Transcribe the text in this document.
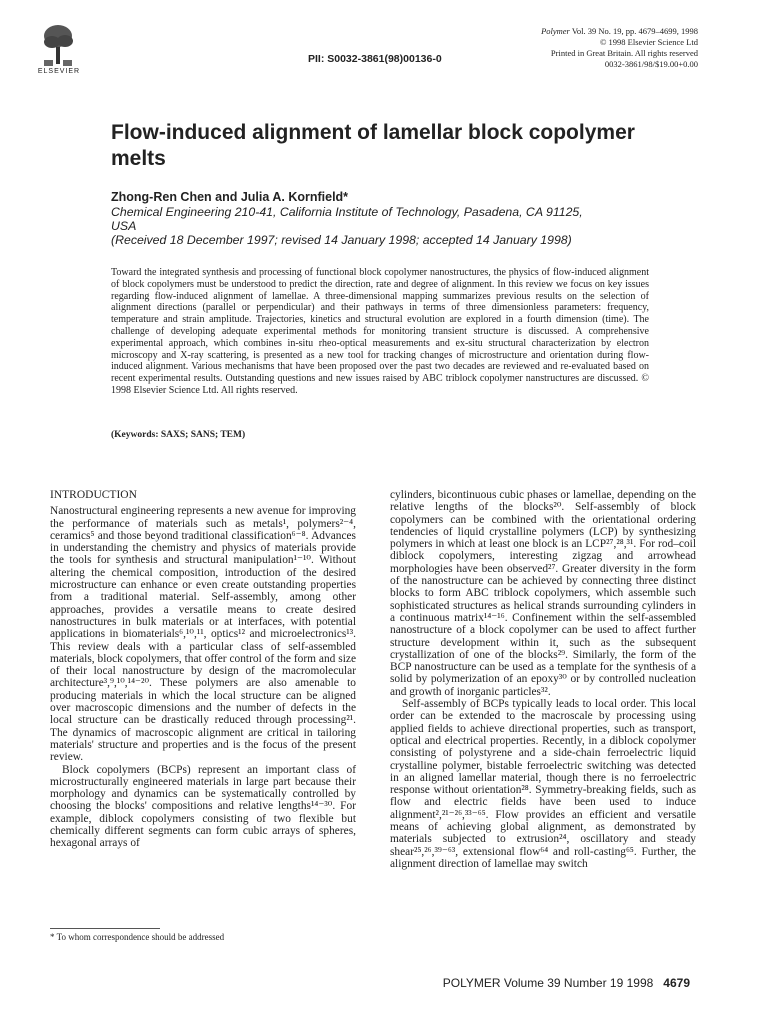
ELSEVIER
PII: S0032-3861(98)00136-0
Polymer Vol. 39 No. 19, pp. 4679–4699, 1998
© 1998 Elsevier Science Ltd
Printed in Great Britain. All rights reserved
0032-3861/98/$19.00+0.00
Flow-induced alignment of lamellar block copolymer melts
Zhong-Ren Chen and Julia A. Kornfield*
Chemical Engineering 210-41, California Institute of Technology, Pasadena, CA 91125,
USA
(Received 18 December 1997; revised 14 January 1998; accepted 14 January 1998)

Toward the integrated synthesis and processing of functional block copolymer nanostructures, the physics of flow-induced alignment of block copolymers must be understood to predict the direction, rate and degree of alignment. In this review we focus on key issues regarding flow-induced alignment of lamellae. A three-dimensional mapping summarizes previous results on the selection of alignment directions (parallel or perpendicular) and their pathways in terms of three dimensionless parameters: frequency, temperature and strain amplitude. Trajectories, kinetics and structural evolution are explored in a fourth dimension (time). The challenge of developing adequate experimental methods for monitoring transient structure is discussed. A comprehensive experimental approach, which combines in-situ rheo-optical measurements and ex-situ structural characterization by electron microscopy and X-ray scattering, is presented as a new tool for tracking changes of microstructure and orientation during flow-induced alignment. Various mechanisms that have been proposed over the past two decades are reviewed and re-evaluated based on recent experimental results. Outstanding questions and new issues raised by ABC triblock copolymer nanstructures are discussed. © 1998 Elsevier Science Ltd. All rights reserved.

(Keywords: SAXS; SANS; TEM)
INTRODUCTION

Nanostructural engineering represents a new avenue for improving the performance of materials such as metals¹, polymers²⁻⁴, ceramics⁵ and those beyond traditional classification⁶⁻⁸. Advances in understanding the chemistry and physics of materials provide the tools for synthesis and structural manipulation¹⁻¹⁰. Without altering the chemical composition, introduction of the desired microstructure can enhance or even create outstanding properties from a traditional material. Self-assembly, among other approaches, provides a versatile means to create desired nanostructures in bulk materials or at interfaces, with potential applications in biomaterials⁶,¹⁰,¹¹, optics¹² and microelectronics¹³. This review deals with a particular class of self-assembled materials, block copolymers, that offer control of the form and size of their local nanostructure by design of the macromolecular architecture³,⁹,¹⁰,¹⁴⁻²⁰. These polymers are also amenable to producing materials in which the local structure can be aligned over macroscopic dimensions and the number of defects in the local structure can be drastically reduced through processing²¹. The dynamics of macroscopic alignment are critical in tailoring materials' structure and properties and is the focus of the present review.

Block copolymers (BCPs) represent an important class of microstructurally engineered materials in large part because their morphology and dynamics can be systematically controlled by choosing the blocks' compositions and relative lengths¹⁴⁻³⁰. For example, diblock copolymers consisting of two flexible but chemically different segments can form cubic arrays of spheres, hexagonal arrays of

cylinders, bicontinuous cubic phases or lamellae, depending on the relative lengths of the blocks²⁰. Self-assembly of block copolymers can be combined with the orientational ordering tendencies of liquid crystalline polymers (LCP) by synthesizing polymers in which at least one block is an LCP²⁷,²⁸,³¹. For rod–coil diblock copolymers, interesting zigzag and arrowhead morphologies have been observed²⁷. Greater diversity in the form of the nanostructure can be achieved by connecting three distinct blocks to form ABC triblock copolymers, which assemble such sophisticated structures as helical strands surrounding cylinders in a continuous matrix¹⁴⁻¹⁶. Confinement within the self-assembled nanostructure of a block copolymer can be used to affect further structure development within it, such as the subsequent crystallization of one of the blocks²⁹. Similarly, the form of the BCP nanostructure can be used as a template for the synthesis of a solid by polymerization of an epoxy³⁰ or by controlled nucleation and growth of inorganic particles³².

Self-assembly of BCPs typically leads to local order. This local order can be extended to the macroscale by processing using applied fields to achieve directional properties, such as transport, optical and electrical properties. Recently, in a diblock copolymer consisting of polystyrene and a side-chain ferroelectric liquid crystalline polymer, bistable ferroelectric switching was detected in an aligned lamellar material, though there is no ferroelectric response without orientation²⁸. Symmetry-breaking fields, such as flow and electric fields have been used to induce alignment²,²¹⁻²⁶,³³⁻⁶⁵. Flow provides an efficient and versatile means of achieving global alignment, as demonstrated by materials subjected to extrusion²⁴, oscillatory and steady shear²⁵,²⁶,³⁹⁻⁶³, extensional flow⁶⁴ and roll-casting⁶⁵. Further, the alignment direction of lamellae may switch

* To whom correspondence should be addressed
POLYMER Volume 39 Number 19 1998 4679
